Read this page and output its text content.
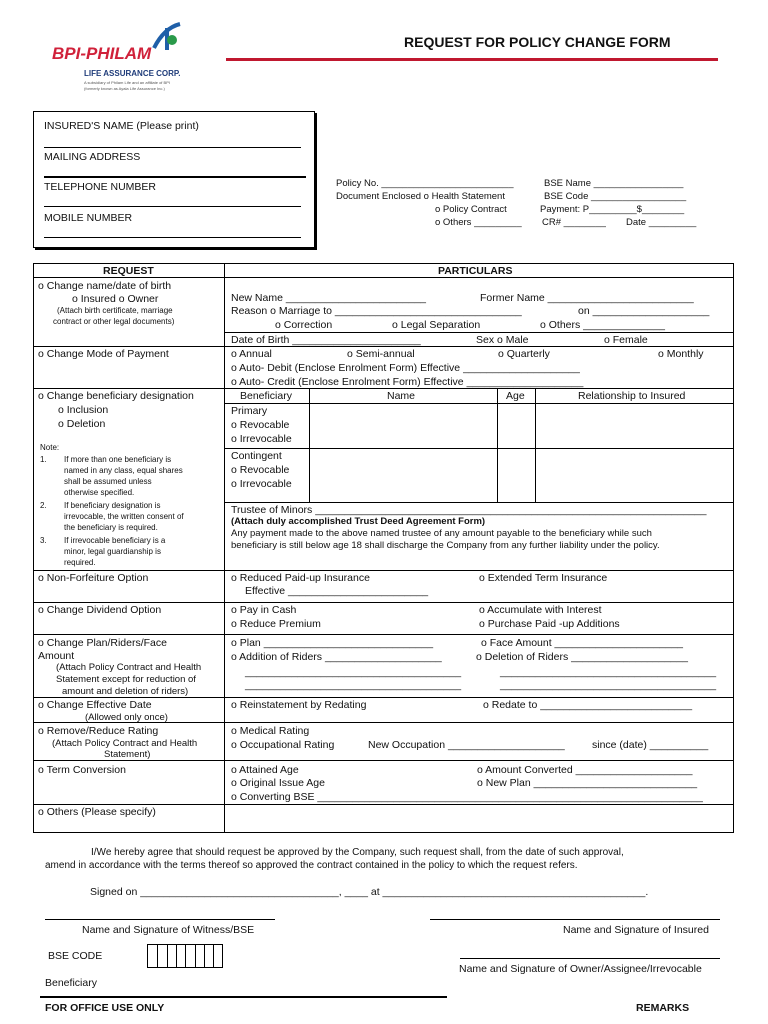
BPI-PHILAM
LIFE ASSURANCE CORP.
A subsidiary of Philam Life and an affiliate of BPI
(formerly known as Ayala Life Assurance Inc.)
REQUEST FOR POLICY CHANGE FORM
INSURED'S NAME (Please print)
MAILING ADDRESS
TELEPHONE NUMBER
MOBILE NUMBER
Policy No. _________________________	BSE Name _________________
Document Enclosed o Health Statement	BSE Code __________________
o Policy Contract	Payment: P_________$________
o Others _________ CR# ________ Date _________
REQUEST	PARTICULARS
o Change name/date of birth
o Insured o Owner
(Attach birth certificate, marriage
contract or other legal documents)
New Name ________________________	Former Name _________________________
Reason o Marriage to ________________________________	on ____________________
o Correction	o Legal Separation	o Others ______________
Date of Birth ______________________	Sex o Male	o Female
o Change Mode of Payment	o Annual	o Semi-annual	o Quarterly	o Monthly
o Auto- Debit (Enclose Enrolment Form) Effective ____________________
o Auto- Credit (Enclose Enrolment Form) Effective ____________________
o Change beneficiary designation
o Inclusion
o Deletion
Note:
1. If more than one beneficiary is
named in any class, equal shares
shall be assumed unless
otherwise specified.
2. If beneficiary designation is
irrevocable, the written consent of
the beneficiary is required.
3. If irrevocable beneficiary is a
minor, legal guardianship is
required.
Beneficiary	Name	Age	Relationship to Insured
Primary
o Revocable
o Irrevocable
Contingent
o Revocable
o Irrevocable
Trustee of Minors ___________________________________________________________________
(Attach duly accomplished Trust Deed Agreement Form)
Any payment made to the above named trustee of any amount payable to the beneficiary while such
beneficiary is still below age 18 shall discharge the Company from any further liability under the policy.
o Non-Forfeiture Option	o Reduced Paid-up Insurance	o Extended Term Insurance
Effective ________________________
o Change Dividend Option	o Pay in Cash	o Accumulate with Interest
o Reduce Premium	o Purchase Paid -up Additions
o Change Plan/Riders/Face
Amount
(Attach Policy Contract and Health
Statement except for reduction of
amount and deletion of riders)
o Plan _____________________________	o Face Amount ______________________
o Addition of Riders ____________________	o Deletion of Riders ____________________
_____________________________________	_____________________________________
_____________________________________	_____________________________________
o Change Effective Date
(Allowed only once)
o Reinstatement by Redating	o Redate to __________________________
o Remove/Reduce Rating
(Attach Policy Contract and Health
Statement)
o Medical Rating
o Occupational Rating	New Occupation ____________________	since (date) __________
o Term Conversion	o Attained Age	o Amount Converted ____________________
o Original Issue Age	o New Plan ____________________________
o Converting BSE __________________________________________________________________
o Others (Please specify)
I/We hereby agree that should request be approved by the Company, such request shall, from the date of such approval,
amend in accordance with the terms thereof so approved the contract contained in the policy to which the request refers.
Signed on __________________________________, ____ at _____________________________________________.
Name and Signature of Witness/BSE	Name and Signature of Insured
BSE CODE
Name and Signature of Owner/Assignee/Irrevocable
Beneficiary
FOR OFFICE USE ONLY	REMARKS
